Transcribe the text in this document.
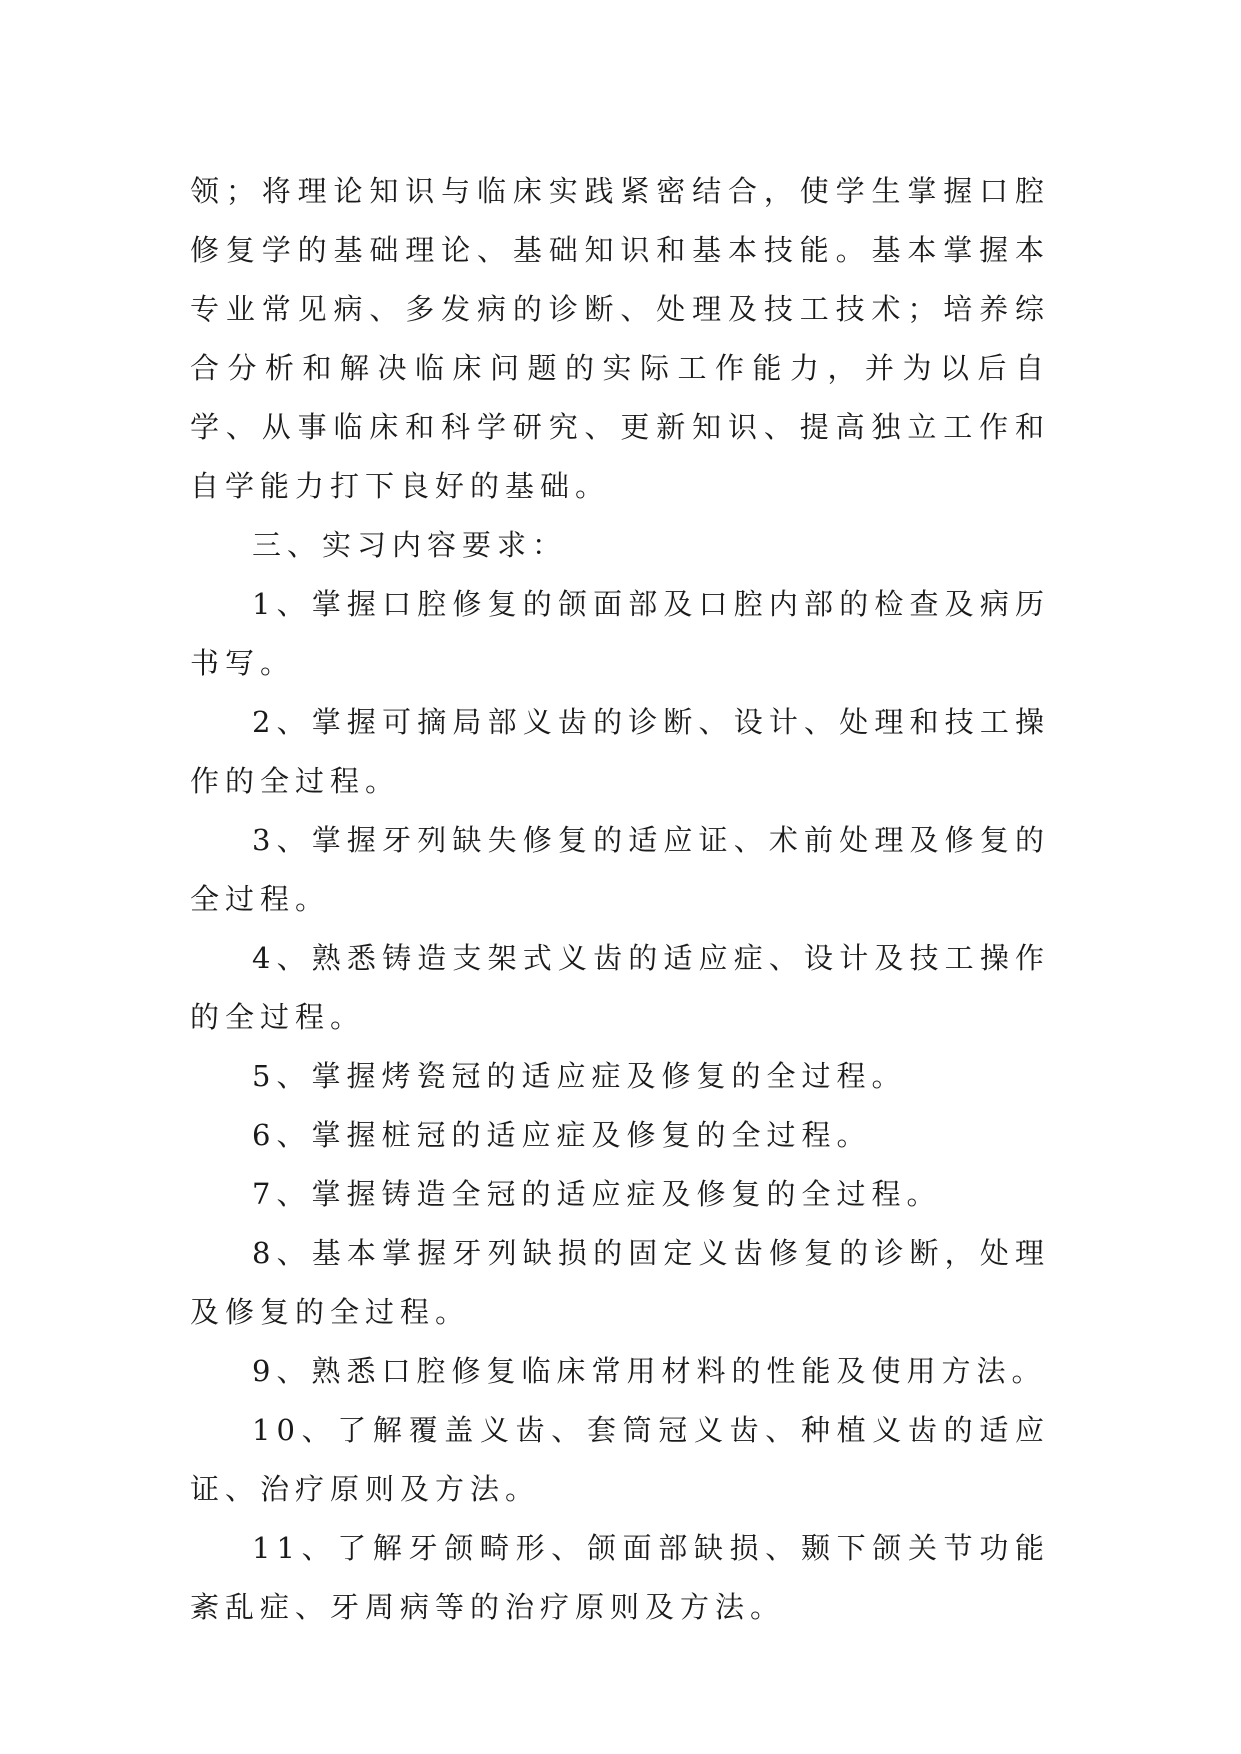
领；将理论知识与临床实践紧密结合，使学生掌握口腔修复学的基础理论、基础知识和基本技能。基本掌握本专业常见病、多发病的诊断、处理及技工技术；培养综合分析和解决临床问题的实际工作能力，并为以后自学、从事临床和科学研究、更新知识、提高独立工作和自学能力打下良好的基础。

三、实习内容要求：

1、掌握口腔修复的颌面部及口腔内部的检查及病历书写。

2、掌握可摘局部义齿的诊断、设计、处理和技工操作的全过程。

3、掌握牙列缺失修复的适应证、术前处理及修复的全过程。

4、熟悉铸造支架式义齿的适应症、设计及技工操作的全过程。

5、掌握烤瓷冠的适应症及修复的全过程。

6、掌握桩冠的适应症及修复的全过程。

7、掌握铸造全冠的适应症及修复的全过程。

8、基本掌握牙列缺损的固定义齿修复的诊断，处理及修复的全过程。

9、熟悉口腔修复临床常用材料的性能及使用方法。

10、了解覆盖义齿、套筒冠义齿、种植义齿的适应证、治疗原则及方法。

11、了解牙颌畸形、颌面部缺损、颞下颌关节功能紊乱症、牙周病等的治疗原则及方法。
